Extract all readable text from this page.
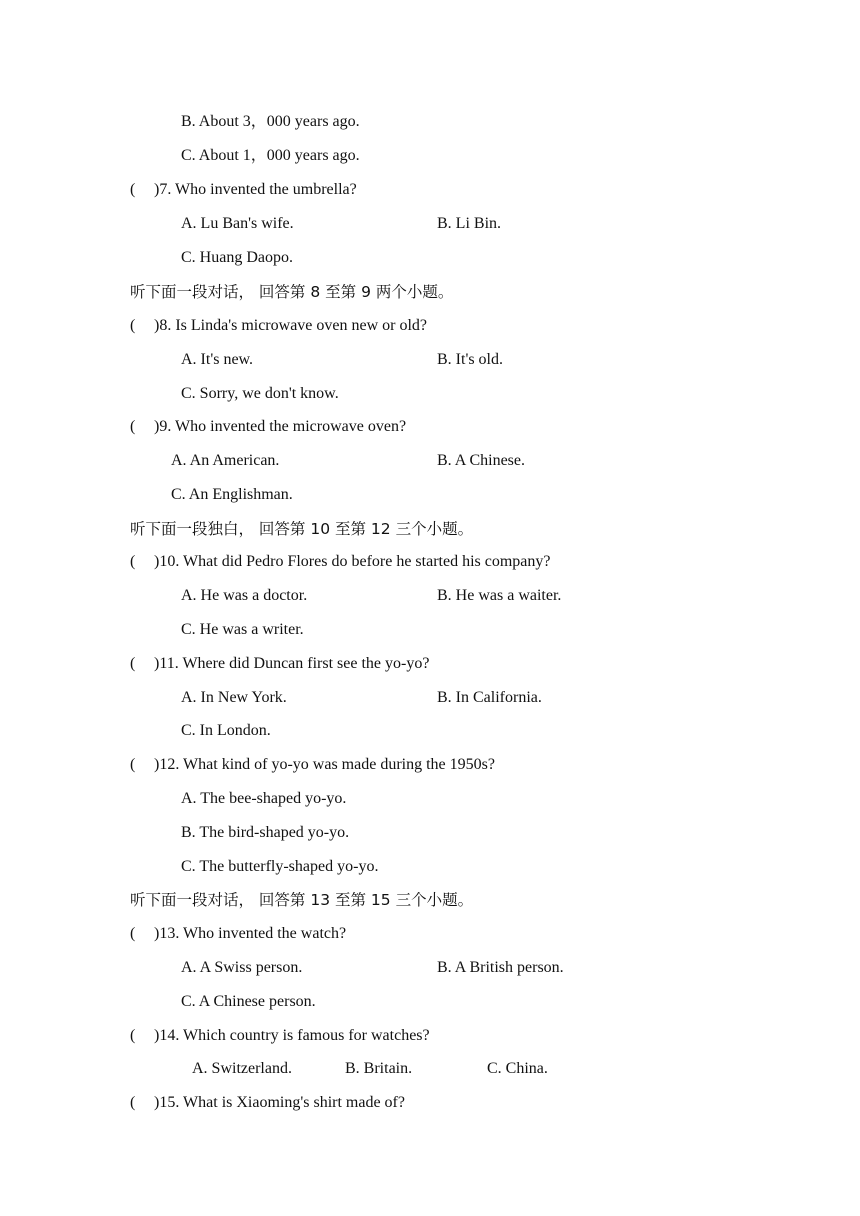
B. About 3，000 years ago.
C. About 1，000 years ago.
( )7. Who invented the umbrella?
A. Lu Ban's wife.	B. Li Bin.
C. Huang Daopo.
听下面一段对话， 回答第 8 至第 9 两个小题。
( )8. Is Linda's microwave oven new or old?
A. It's new.	B. It's old.
C. Sorry, we don't know.
( )9. Who invented the microwave oven?
A. An American.	B. A Chinese.
C. An Englishman.
听下面一段独白， 回答第 10 至第 12 三个小题。
( )10. What did Pedro Flores do before he started his company?
A. He was a doctor.	B. He was a waiter.
C. He was a writer.
( )11. Where did Duncan first see the yo-yo?
A. In New York.	B. In California.
C. In London.
( )12. What kind of yo-yo was made during the 1950s?
A. The bee-shaped yo-yo.
B. The bird-shaped yo-yo.
C. The butterfly-shaped yo-yo.
听下面一段对话， 回答第 13 至第 15 三个小题。
( )13. Who invented the watch?
A. A Swiss person.	B. A British person.
C. A Chinese person.
( )14. Which country is famous for watches?
A. Switzerland.	B. Britain.	C. China.
( )15. What is Xiaoming's shirt made of?
